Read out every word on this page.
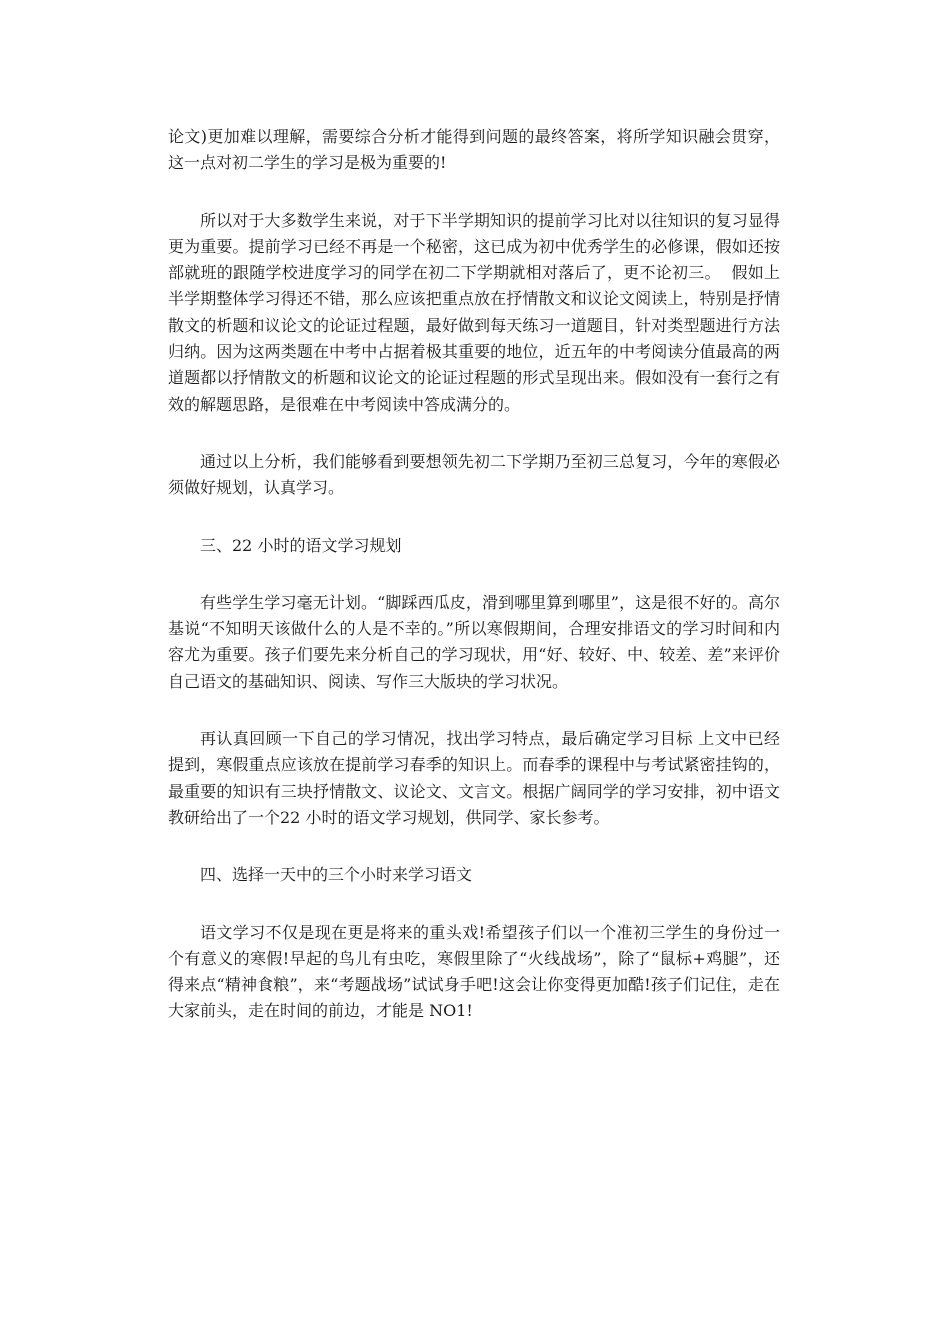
论文)更加难以理解，需要综合分析才能得到问题的最终答案，将所学知识融会贯穿，这一点对初二学生的学习是极为重要的!

所以对于大多数学生来说，对于下半学期知识的提前学习比对以往知识的复习显得更为重要。提前学习已经不再是一个秘密，这已成为初中优秀学生的必修课，假如还按部就班的跟随学校进度学习的同学在初二下学期就相对落后了，更不论初三。  假如上半学期整体学习得还不错，那么应该把重点放在抒情散文和议论文阅读上，特别是抒情散文的析题和议论文的论证过程题，最好做到每天练习一道题目，针对类型题进行方法归纳。因为这两类题在中考中占据着极其重要的地位，近五年的中考阅读分值最高的两道题都以抒情散文的析题和议论文的论证过程题的形式呈现出来。假如没有一套行之有效的解题思路，是很难在中考阅读中答成满分的。

通过以上分析，我们能够看到要想领先初二下学期乃至初三总复习，今年的寒假必须做好规划，认真学习。

三、22 小时的语文学习规划

有些学生学习毫无计划。“脚踩西瓜皮，滑到哪里算到哪里”，这是很不好的。高尔基说“不知明天该做什么的人是不幸的。”所以寒假期间，合理安排语文的学习时间和内容尤为重要。孩子们要先来分析自己的学习现状，用“好、较好、中、较差、差”来评价自己语文的基础知识、阅读、写作三大版块的学习状况。

再认真回顾一下自己的学习情况，找出学习特点，最后确定学习目标 上文中已经提到，寒假重点应该放在提前学习春季的知识上。而春季的课程中与考试紧密挂钩的，最重要的知识有三块抒情散文、议论文、文言文。根据广阔同学的学习安排，初中语文教研给出了一个22 小时的语文学习规划，供同学、家长参考。

四、选择一天中的三个小时来学习语文

语文学习不仅是现在更是将来的重头戏!希望孩子们以一个准初三学生的身份过一个有意义的寒假!早起的鸟儿有虫吃，寒假里除了“火线战场”，除了“鼠标+鸡腿”，还得来点“精神食粮”，来“考题战场”试试身手吧!这会让你变得更加酷!孩子们记住，走在大家前头，走在时间的前边，才能是 NO1!
